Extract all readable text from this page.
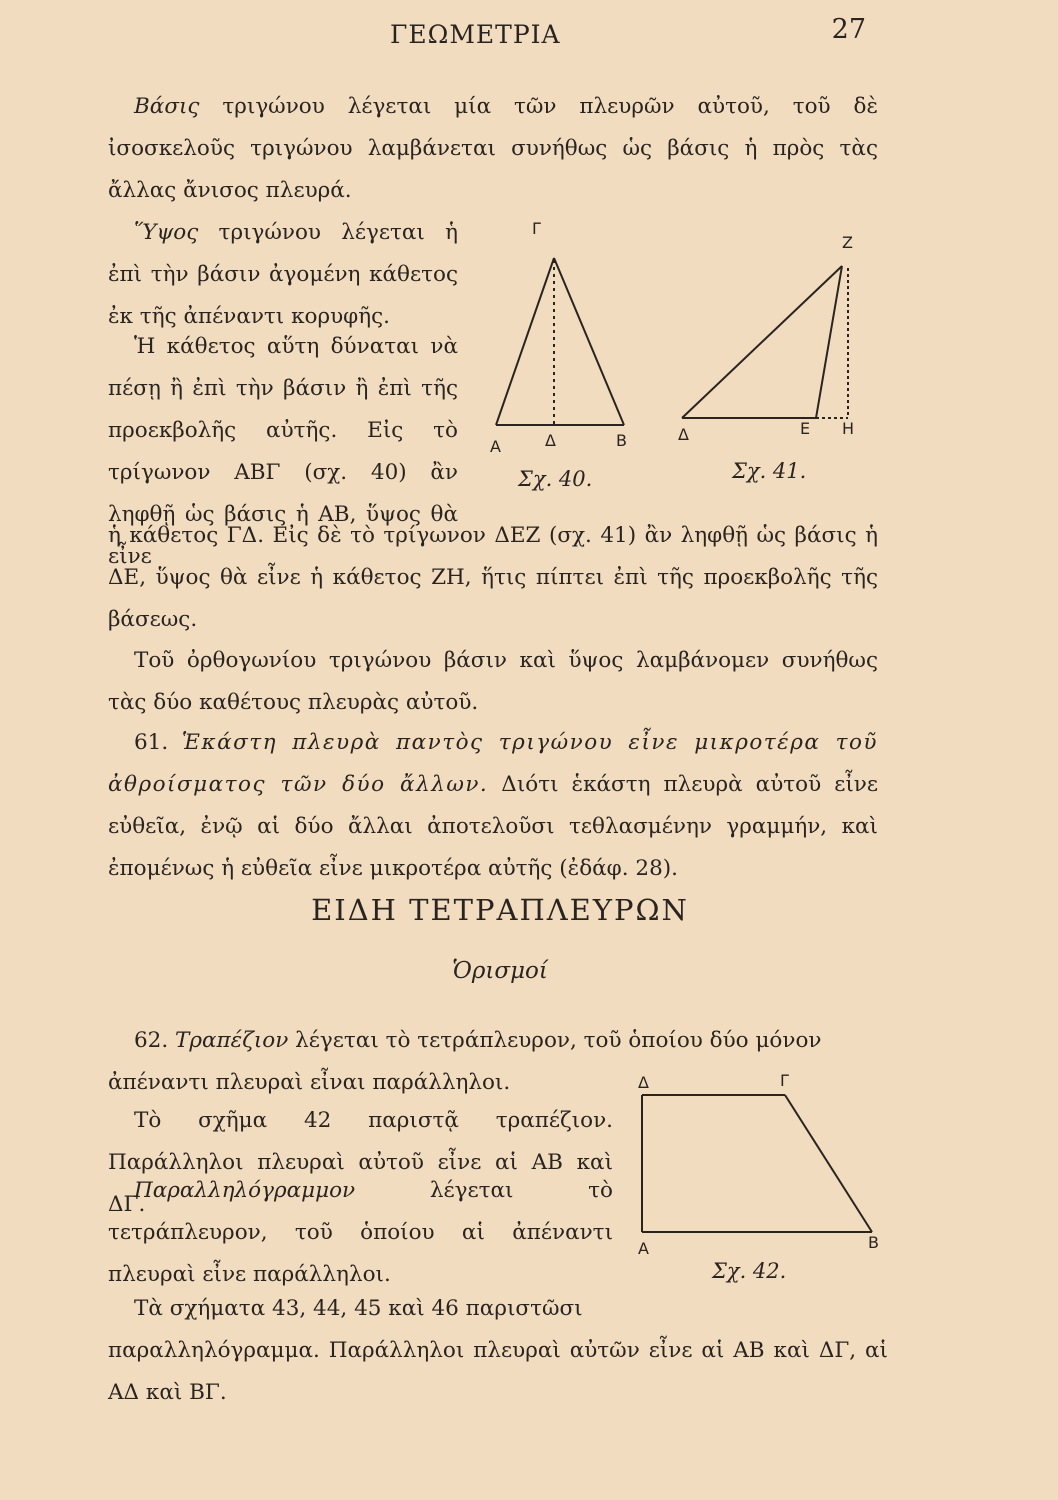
ΓΕΩΜΕΤΡΙΑ	27

Βάσις τριγώνου λέγεται μία τῶν πλευρῶν αὐτοῦ, τοῦ δὲ ἰσοσκελοῦς τριγώνου λαμβάνεται συνήθως ὡς βάσις ἡ πρὸς τὰς ἄλλας ἄνισος πλευρά.

Ὕψος τριγώνου λέγεται ἡ ἐπὶ τὴν βάσιν ἀγομένη κάθετος ἐκ τῆς ἀπέναντι κορυφῆς.

Ἡ κάθετος αὕτη δύναται νὰ πέσῃ ἢ ἐπὶ τὴν βάσιν ἢ ἐπὶ τῆς προεκβολῆς αὐτῆς. Εἰς τὸ τρίγωνον ΑΒΓ (σχ. 40) ἂν ληφθῇ ὡς βάσις ἡ ΑΒ, ὕψος θὰ εἶνε

ἡ κάθετος ΓΔ. Εἰς δὲ τὸ τρίγωνον ΔΕΖ (σχ. 41) ἂν ληφθῇ ὡς βάσις ἡ ΔΕ, ὕψος θὰ εἶνε ἡ κάθετος ΖΗ, ἥτις πίπτει ἐπὶ τῆς προεκβολῆς τῆς βάσεως.

Τοῦ ὀρθογωνίου τριγώνου βάσιν καὶ ὕψος λαμβάνομεν συνήθως τὰς δύο καθέτους πλευρὰς αὐτοῦ.

61. Ἑκάστη πλευρὰ παντὸς τριγώνου εἶνε μικροτέρα τοῦ ἀθροίσματος τῶν δύο ἄλλων. Διότι ἑκάστη πλευρὰ αὐτοῦ εἶνε εὐθεῖα, ἐνῷ αἱ δύο ἄλλαι ἀποτελοῦσι τεθλασμένην γραμμήν, καὶ ἐπομένως ἡ εὐθεῖα εἶνε μικροτέρα αὐτῆς (ἐδάφ. 28).

ΕΙΔΗ ΤΕΤΡΑΠΛΕΥΡΩΝ
Ὁρισμοί

62. Τραπέζιον λέγεται τὸ τετράπλευρον, τοῦ ὁποίου δύο μόνον

ἀπέναντι πλευραὶ εἶναι παράλληλοι.

Τὸ σχῆμα 42 παριστᾷ τραπέζιον. Παράλληλοι πλευραὶ αὐτοῦ εἶνε αἱ ΑΒ καὶ ΔΓ.

Παραλληλόγραμμον λέγεται τὸ τετράπλευρον, τοῦ ὁποίου αἱ ἀπέναντι πλευραὶ εἶνε παράλληλοι.

Τὰ σχήματα 43, 44, 45 καὶ 46 παριστῶσι

παραλληλόγραμμα. Παράλληλοι πλευραὶ αὐτῶν εἶνε αἱ ΑΒ καὶ ΔΓ, αἱ ΑΔ καὶ ΒΓ.

Γ
Α	Δ	Β
Σχ. 40.
Ζ
Δ	Ε Η
Σχ. 41.
Δ	Γ
Α	Β
Σχ. 42.
